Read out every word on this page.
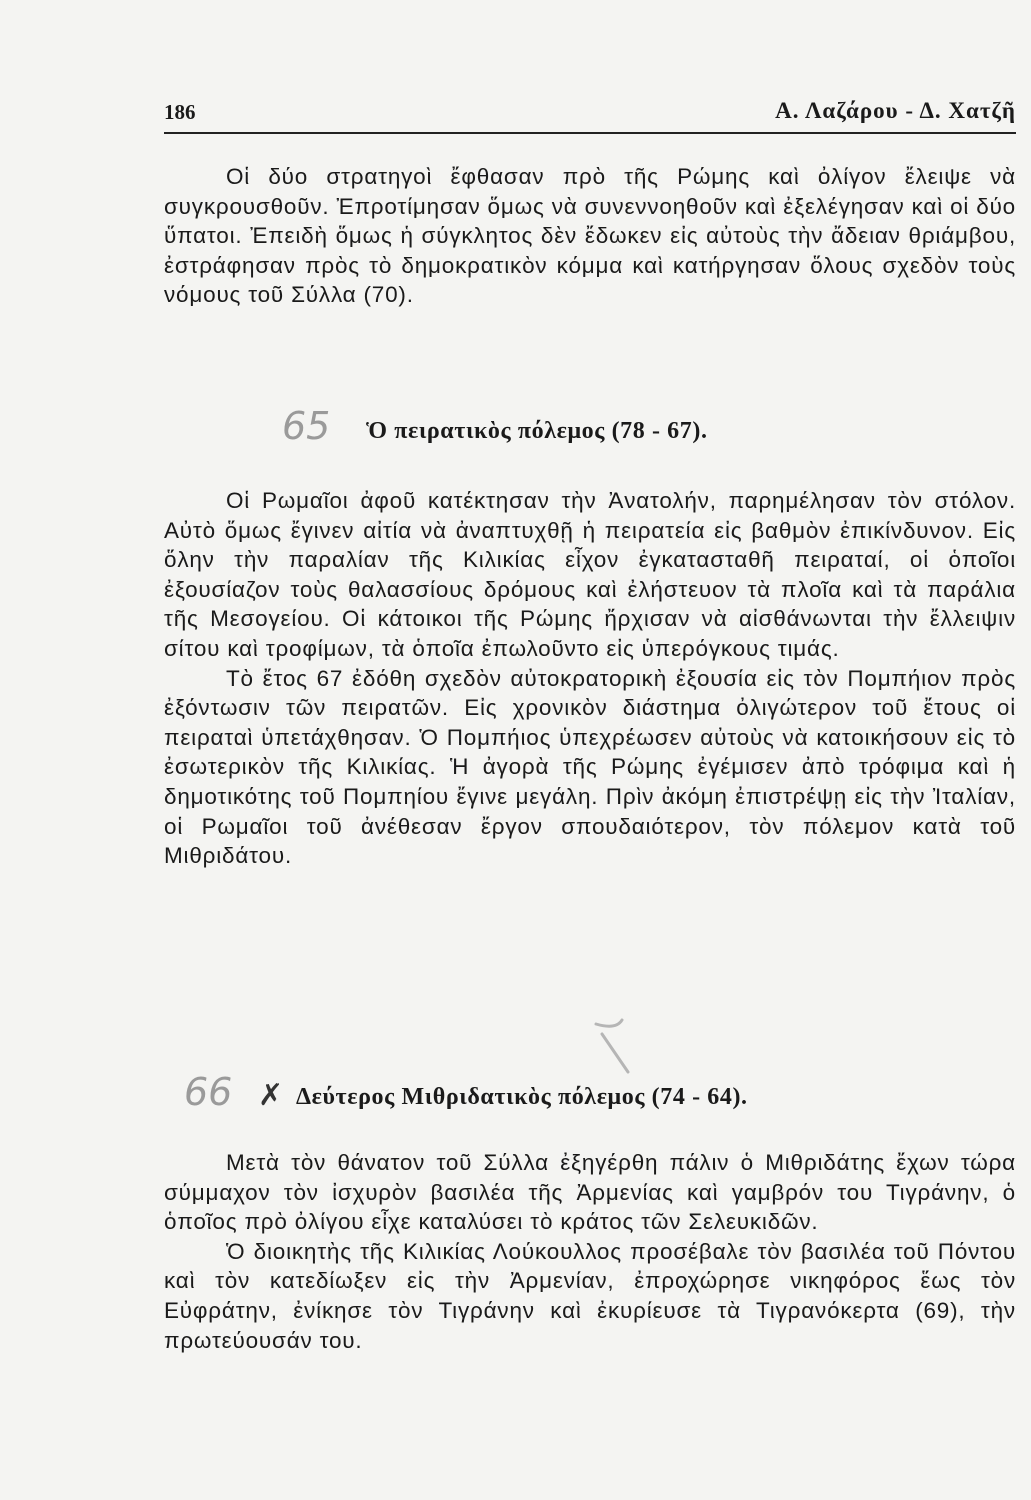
186	Α. Λαζάρου - Δ. Χατζῆ

Οἱ δύο στρατηγοὶ ἔφθασαν πρὸ τῆς Ρώμης καὶ ὀλίγον ἔλειψε νὰ συγκρουσθοῦν. Ἐπροτίμησαν ὅμως νὰ συνεννοηθοῦν καὶ ἐξελέγησαν καὶ οἱ δύο ὕπατοι. Ἐπειδὴ ὅμως ἡ σύγκλητος δὲν ἔδωκεν εἰς αὐτοὺς τὴν ἄδειαν θριάμβου, ἐστράφησαν πρὸς τὸ δημοκρατικὸν κόμμα καὶ κατήργησαν ὅλους σχεδὸν τοὺς νόμους τοῦ Σύλλα (70).

65 Ὁ πειρατικὸς πόλεμος (78 - 67).

Οἱ Ρωμαῖοι ἀφοῦ κατέκτησαν τὴν Ἀνατολήν, παρημέλησαν τὸν στόλον. Αὐτὸ ὅμως ἔγινεν αἰτία νὰ ἀναπτυχθῇ ἡ πειρατεία εἰς βαθμὸν ἐπικίνδυνον. Εἰς ὅλην τὴν παραλίαν τῆς Κιλικίας εἶχον ἐγκατασταθῆ πειραταί, οἱ ὁποῖοι ἐξουσίαζον τοὺς θαλασσίους δρόμους καὶ ἐλήστευον τὰ πλοῖα καὶ τὰ παράλια τῆς Μεσογείου. Οἱ κάτοικοι τῆς Ρώμης ἤρχισαν νὰ αἰσθάνωνται τὴν ἔλλειψιν σίτου καὶ τροφίμων, τὰ ὁποῖα ἐπωλοῦντο εἰς ὑπερόγκους τιμάς.

Τὸ ἔτος 67 ἐδόθη σχεδὸν αὐτοκρατορικὴ ἐξουσία εἰς τὸν Πομπήιον πρὸς ἐξόντωσιν τῶν πειρατῶν. Εἰς χρονικὸν διάστημα ὀλιγώτερον τοῦ ἔτους οἱ πειραταὶ ὑπετάχθησαν. Ὁ Πομπήιος ὑπεχρέωσεν αὐτοὺς νὰ κατοικήσουν εἰς τὸ ἐσωτερικὸν τῆς Κιλικίας. Ἡ ἀγορὰ τῆς Ρώμης ἐγέμισεν ἀπὸ τρόφιμα καὶ ἡ δημοτικότης τοῦ Πομπηίου ἔγινε μεγάλη. Πρὶν ἀκόμη ἐπιστρέψῃ εἰς τὴν Ἰταλίαν, οἱ Ρωμαῖοι τοῦ ἀνέθεσαν ἔργον σπουδαιότερον, τὸν πόλεμον κατὰ τοῦ Μιθριδάτου.

66 ✗ Δεύτερος Μιθριδατικὸς πόλεμος (74 - 64).

Μετὰ τὸν θάνατον τοῦ Σύλλα ἐξηγέρθη πάλιν ὁ Μιθριδάτης ἔχων τώρα σύμμαχον τὸν ἰσχυρὸν βασιλέα τῆς Ἀρμενίας καὶ γαμβρόν του Τιγράνην, ὁ ὁποῖος πρὸ ὀλίγου εἶχε καταλύσει τὸ κράτος τῶν Σελευκιδῶν.

Ὁ διοικητὴς τῆς Κιλικίας Λούκουλλος προσέβαλε τὸν βασιλέα τοῦ Πόντου καὶ τὸν κατεδίωξεν εἰς τὴν Ἀρμενίαν, ἐπροχώρησε νικηφόρος ἕως τὸν Εὐφράτην, ἐνίκησε τὸν Τιγράνην καὶ ἐκυρίευσε τὰ Τιγρανόκερτα (69), τὴν πρωτεύουσάν του.
